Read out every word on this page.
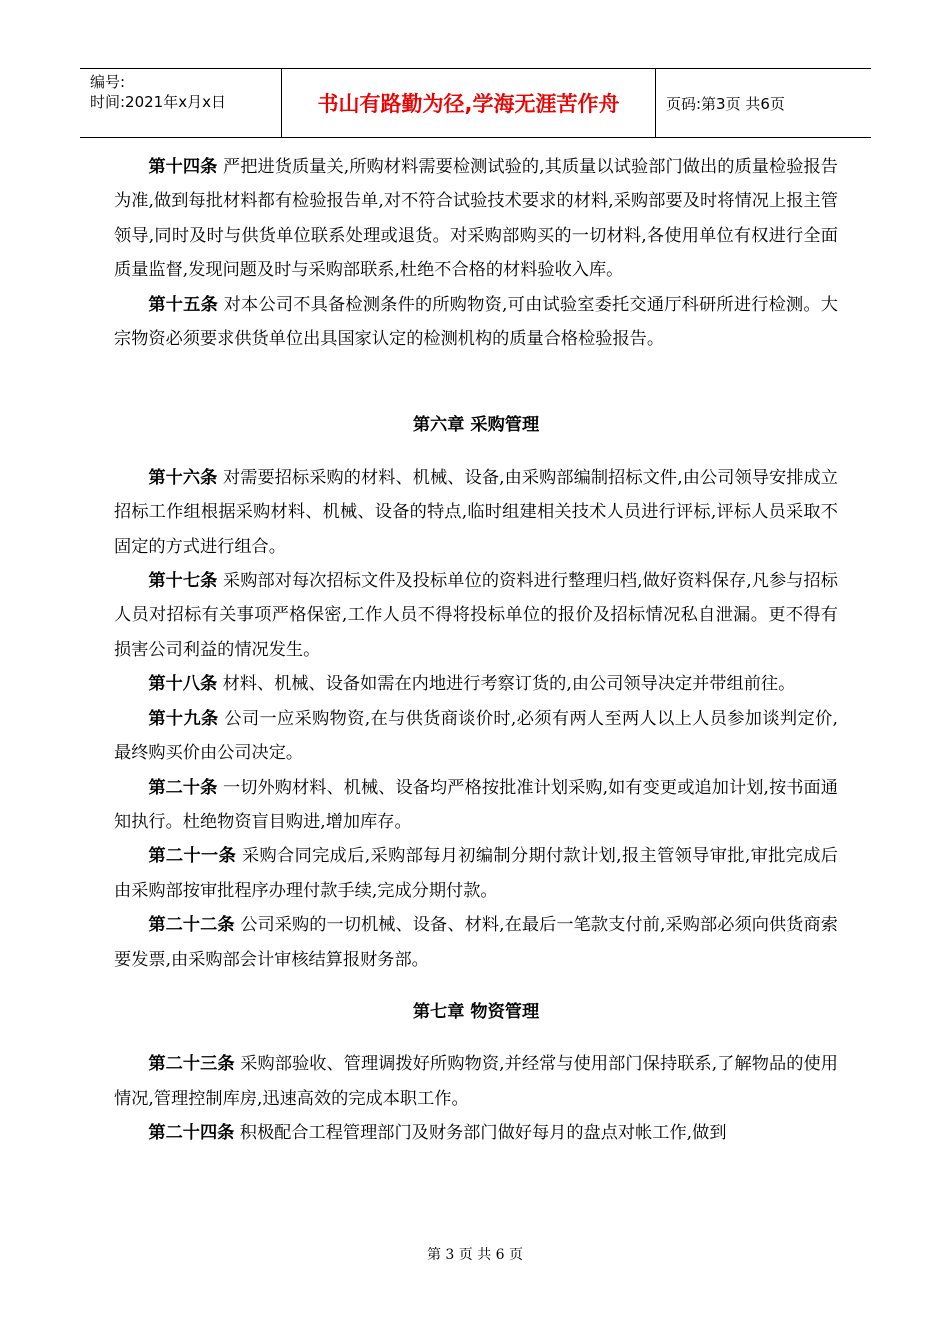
编号:
时间:2021年x月x日	书山有路勤为径,学海无涯苦作舟	页码:第3页 共6页

第十四条 严把进货质量关,所购材料需要检测试验的,其质量以试验部门做出的质量检验报告为准,做到每批材料都有检验报告单,对不符合试验技术要求的材料,采购部要及时将情况上报主管领导,同时及时与供货单位联系处理或退货。对采购部购买的一切材料,各使用单位有权进行全面质量监督,发现问题及时与采购部联系,杜绝不合格的材料验收入库。

第十五条 对本公司不具备检测条件的所购物资,可由试验室委托交通厅科研所进行检测。大宗物资必须要求供货单位出具国家认定的检测机构的质量合格检验报告。

第六章 采购管理

第十六条 对需要招标采购的材料、机械、设备,由采购部编制招标文件,由公司领导安排成立招标工作组根据采购材料、机械、设备的特点,临时组建相关技术人员进行评标,评标人员采取不固定的方式进行组合。

第十七条 采购部对每次招标文件及投标单位的资料进行整理归档,做好资料保存,凡参与招标人员对招标有关事项严格保密,工作人员不得将投标单位的报价及招标情况私自泄漏。更不得有损害公司利益的情况发生。

第十八条 材料、机械、设备如需在内地进行考察订货的,由公司领导决定并带组前往。

第十九条 公司一应采购物资,在与供货商谈价时,必须有两人至两人以上人员参加谈判定价,最终购买价由公司决定。

第二十条 一切外购材料、机械、设备均严格按批准计划采购,如有变更或追加计划,按书面通知执行。杜绝物资盲目购进,增加库存。

第二十一条 采购合同完成后,采购部每月初编制分期付款计划,报主管领导审批,审批完成后由采购部按审批程序办理付款手续,完成分期付款。

第二十二条 公司采购的一切机械、设备、材料,在最后一笔款支付前,采购部必须向供货商索要发票,由采购部会计审核结算报财务部。

第七章 物资管理

第二十三条 采购部验收、管理调拨好所购物资,并经常与使用部门保持联系,了解物品的使用情况,管理控制库房,迅速高效的完成本职工作。

第二十四条 积极配合工程管理部门及财务部门做好每月的盘点对帐工作,做到

第 3 页 共 6 页
